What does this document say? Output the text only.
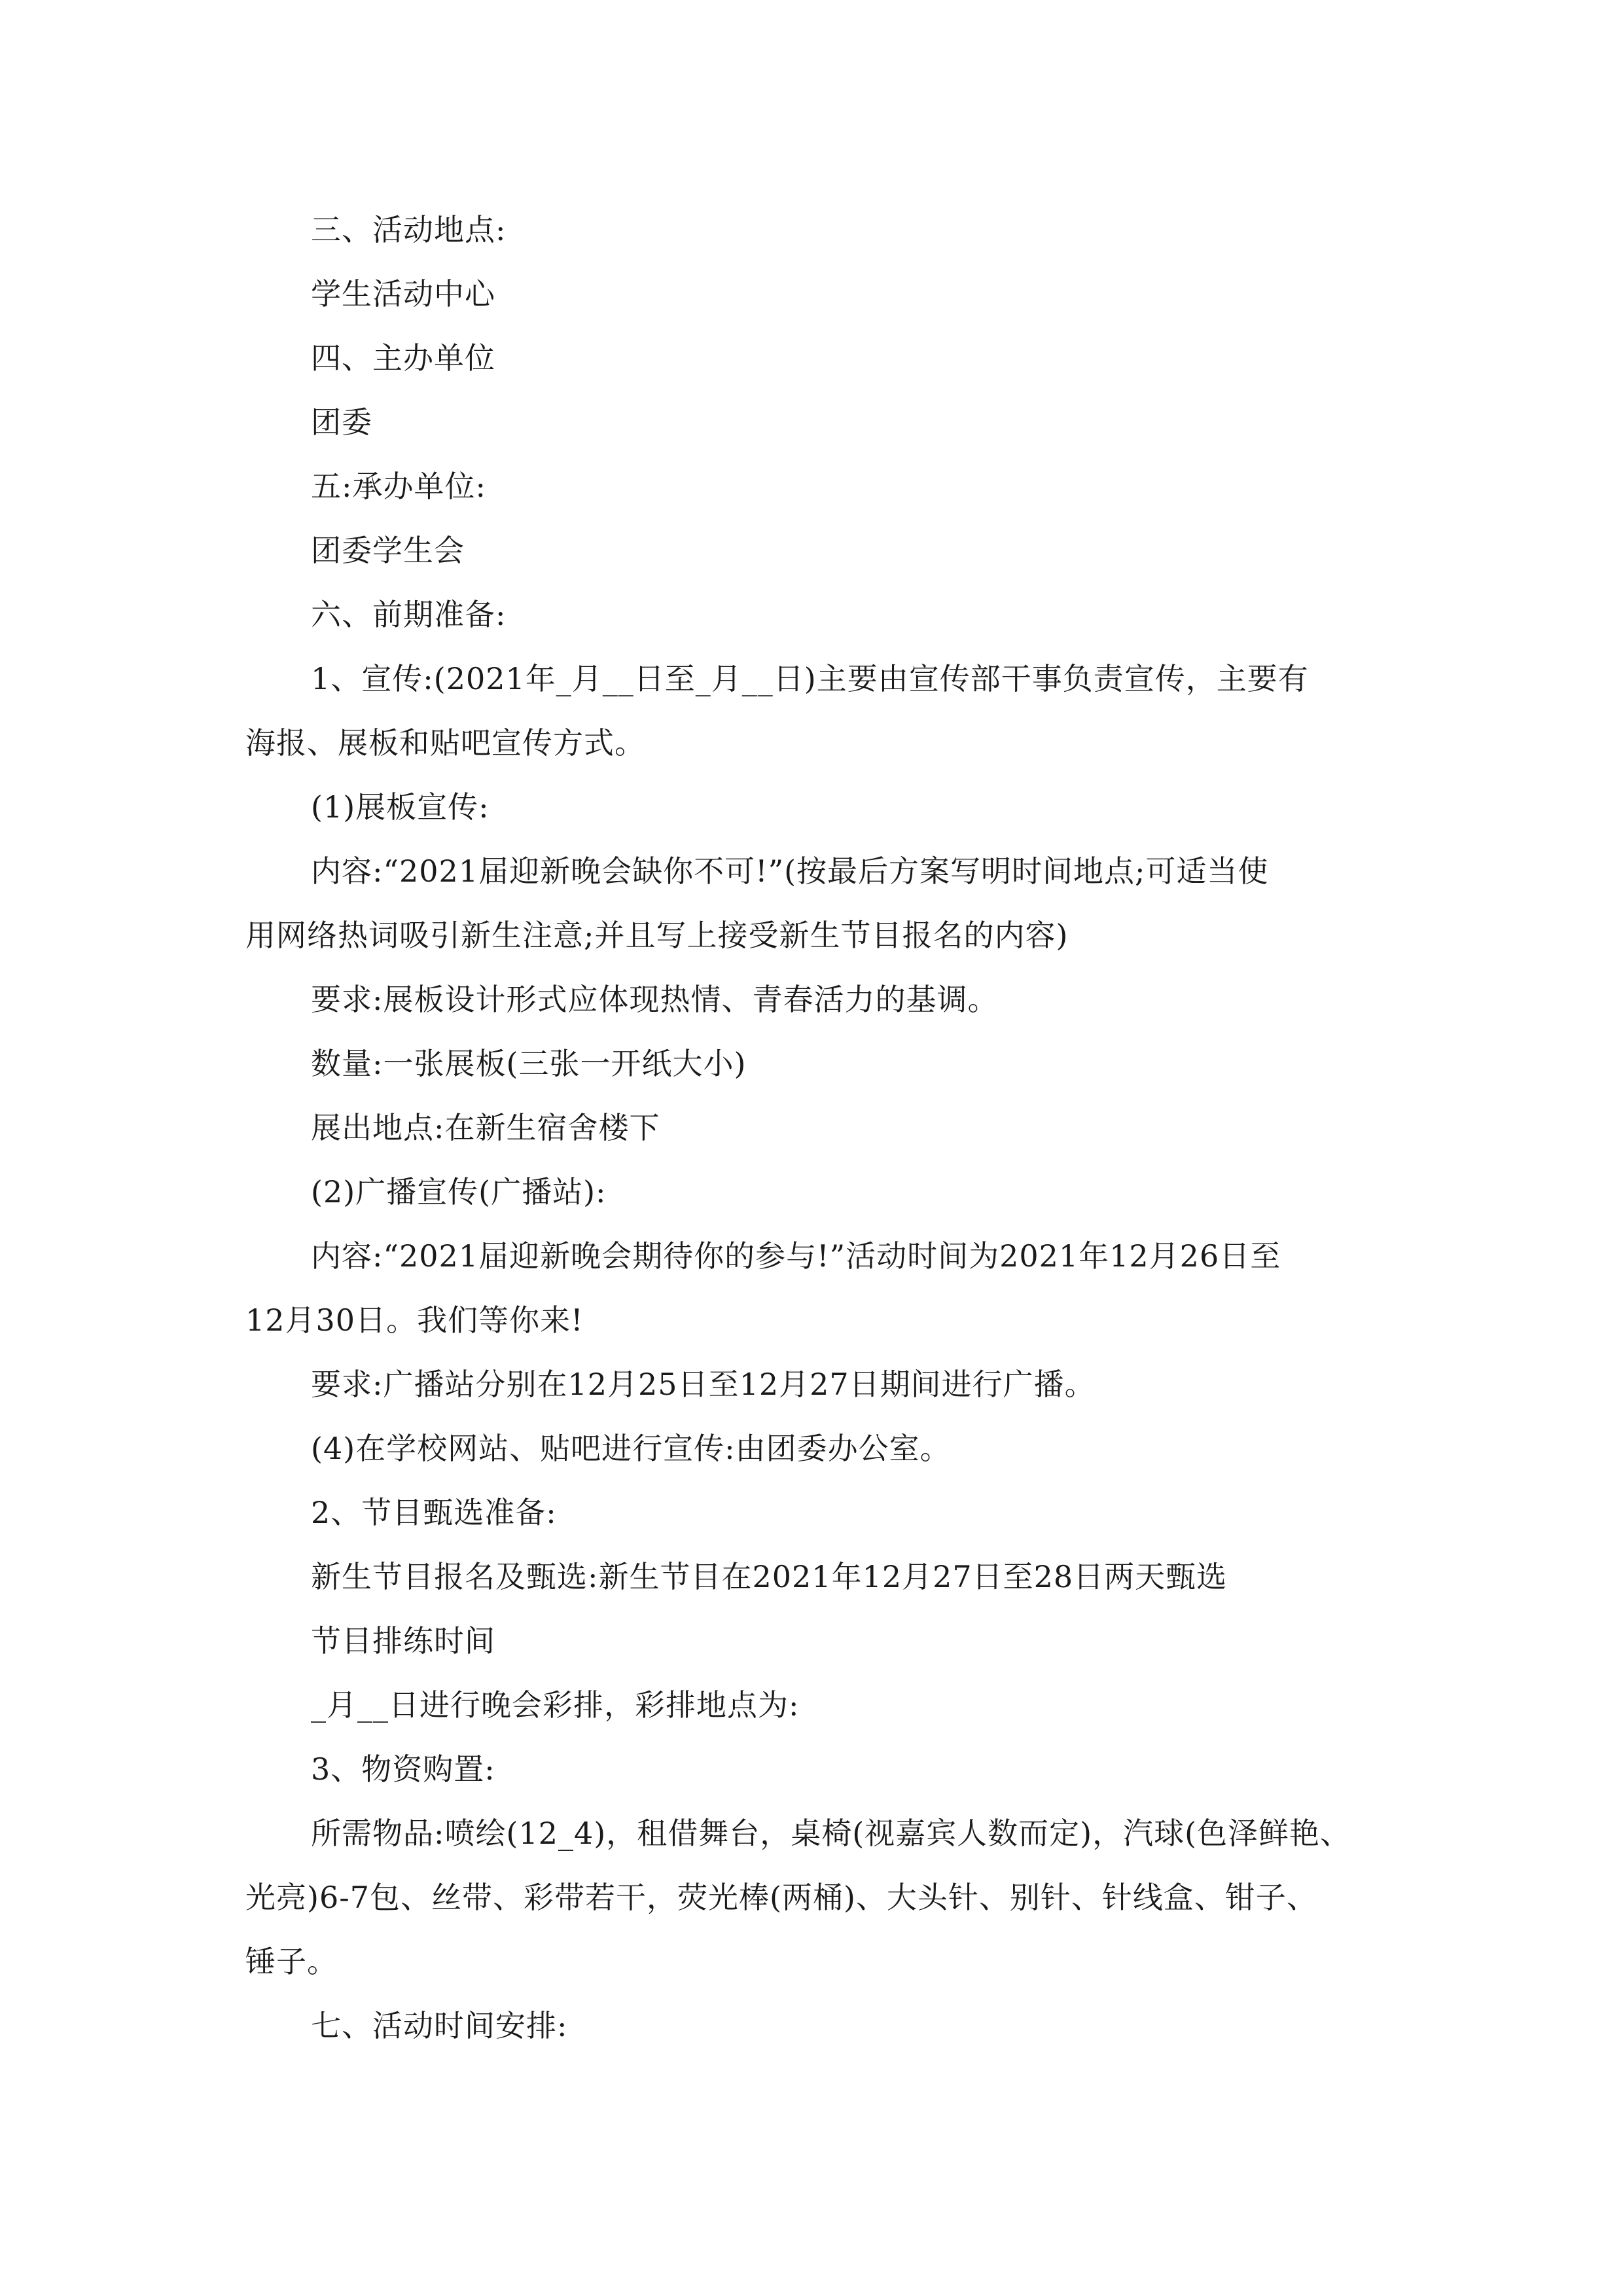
三、活动地点:
学生活动中心
四、主办单位
团委
五:承办单位:
团委学生会
六、前期准备:
1、宣传:(2021年_月__日至_月__日)主要由宣传部干事负责宣传，主要有
海报、展板和贴吧宣传方式。
(1)展板宣传:
内容:“2021届迎新晚会缺你不可!”(按最后方案写明时间地点;可适当使
用网络热词吸引新生注意;并且写上接受新生节目报名的内容)
要求:展板设计形式应体现热情、青春活力的基调。
数量:一张展板(三张一开纸大小)
展出地点:在新生宿舍楼下
(2)广播宣传(广播站):
内容:“2021届迎新晚会期待你的参与!”活动时间为2021年12月26日至
12月30日。我们等你来!
要求:广播站分别在12月25日至12月27日期间进行广播。
(4)在学校网站、贴吧进行宣传:由团委办公室。
2、节目甄选准备:
新生节目报名及甄选:新生节目在2021年12月27日至28日两天甄选
节目排练时间
_月__日进行晚会彩排，彩排地点为:
3、物资购置:
所需物品:喷绘(12_4)，租借舞台，桌椅(视嘉宾人数而定)，汽球(色泽鲜艳、
光亮)6-7包、丝带、彩带若干，荧光棒(两桶)、大头针、别针、针线盒、钳子、
锤子。
七、活动时间安排:
